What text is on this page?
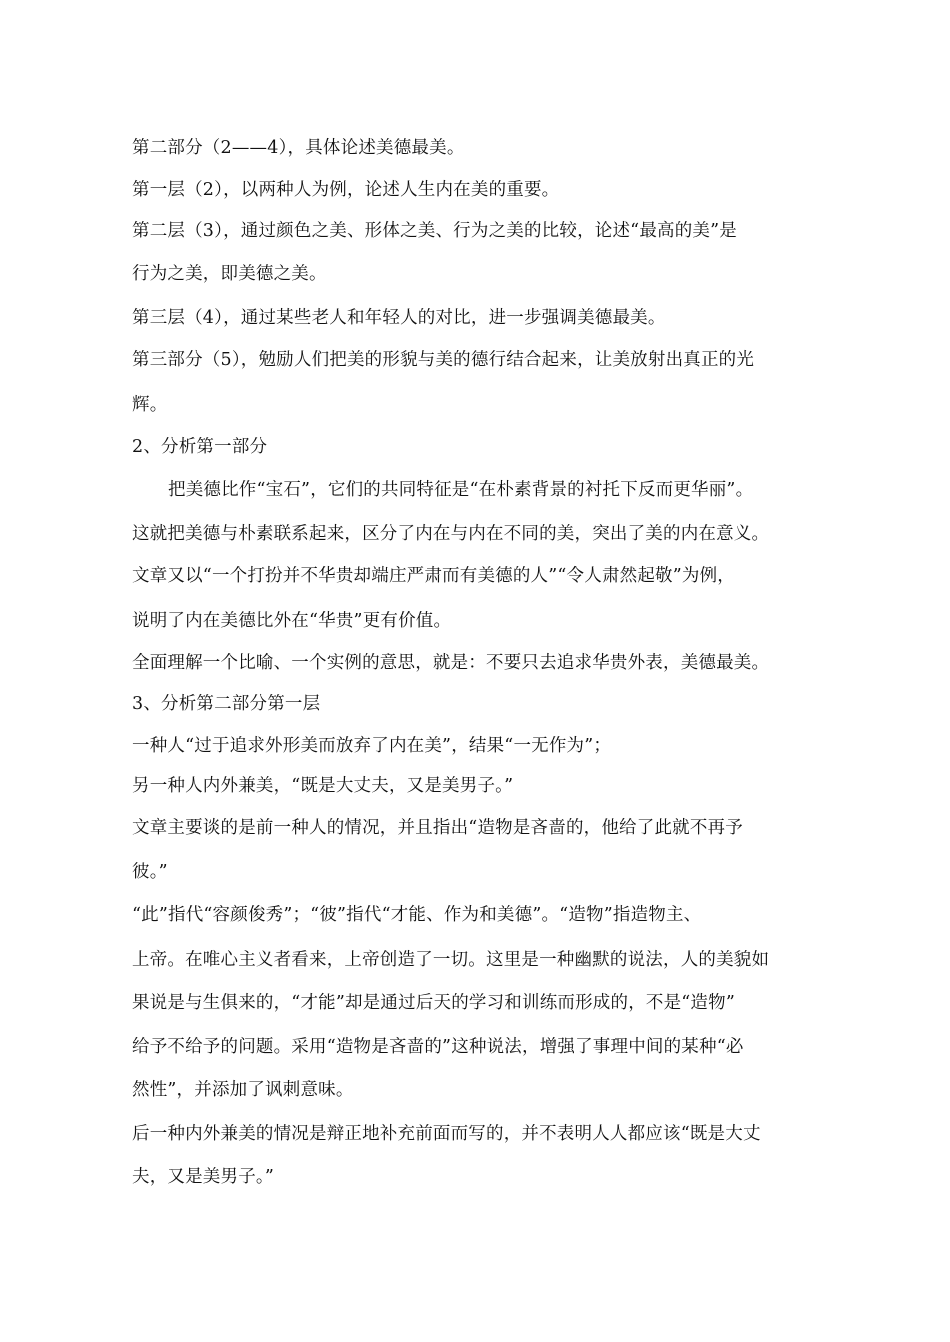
第二部分（2——4），具体论述美德最美。
第一层（2），以两种人为例，论述人生内在美的重要。
第二层（3），通过颜色之美、形体之美、行为之美的比较，论述“最高的美”是
行为之美，即美德之美。
第三层（4），通过某些老人和年轻人的对比，进一步强调美德最美。
第三部分（5），勉励人们把美的形貌与美的德行结合起来，让美放射出真正的光
辉。
2、分析第一部分
把美德比作“宝石”，它们的共同特征是“在朴素背景的衬托下反而更华丽”。
这就把美德与朴素联系起来，区分了内在与内在不同的美，突出了美的内在意义。
文章又以“一个打扮并不华贵却端庄严肃而有美德的人”“令人肃然起敬”为例，
说明了内在美德比外在“华贵”更有价值。
全面理解一个比喻、一个实例的意思，就是：不要只去追求华贵外表，美德最美。
3、分析第二部分第一层
一种人“过于追求外形美而放弃了内在美”，结果“一无作为”；
另一种人内外兼美，“既是大丈夫，又是美男子。”
文章主要谈的是前一种人的情况，并且指出“造物是吝啬的，他给了此就不再予
彼。”
“此”指代“容颜俊秀”；“彼”指代“才能、作为和美德”。“造物”指造物主、
上帝。在唯心主义者看来，上帝创造了一切。这里是一种幽默的说法，人的美貌如
果说是与生俱来的，“才能”却是通过后天的学习和训练而形成的，不是“造物”
给予不给予的问题。采用“造物是吝啬的”这种说法，增强了事理中间的某种“必
然性”，并添加了讽刺意味。
后一种内外兼美的情况是辩正地补充前面而写的，并不表明人人都应该“既是大丈
夫，又是美男子。”
